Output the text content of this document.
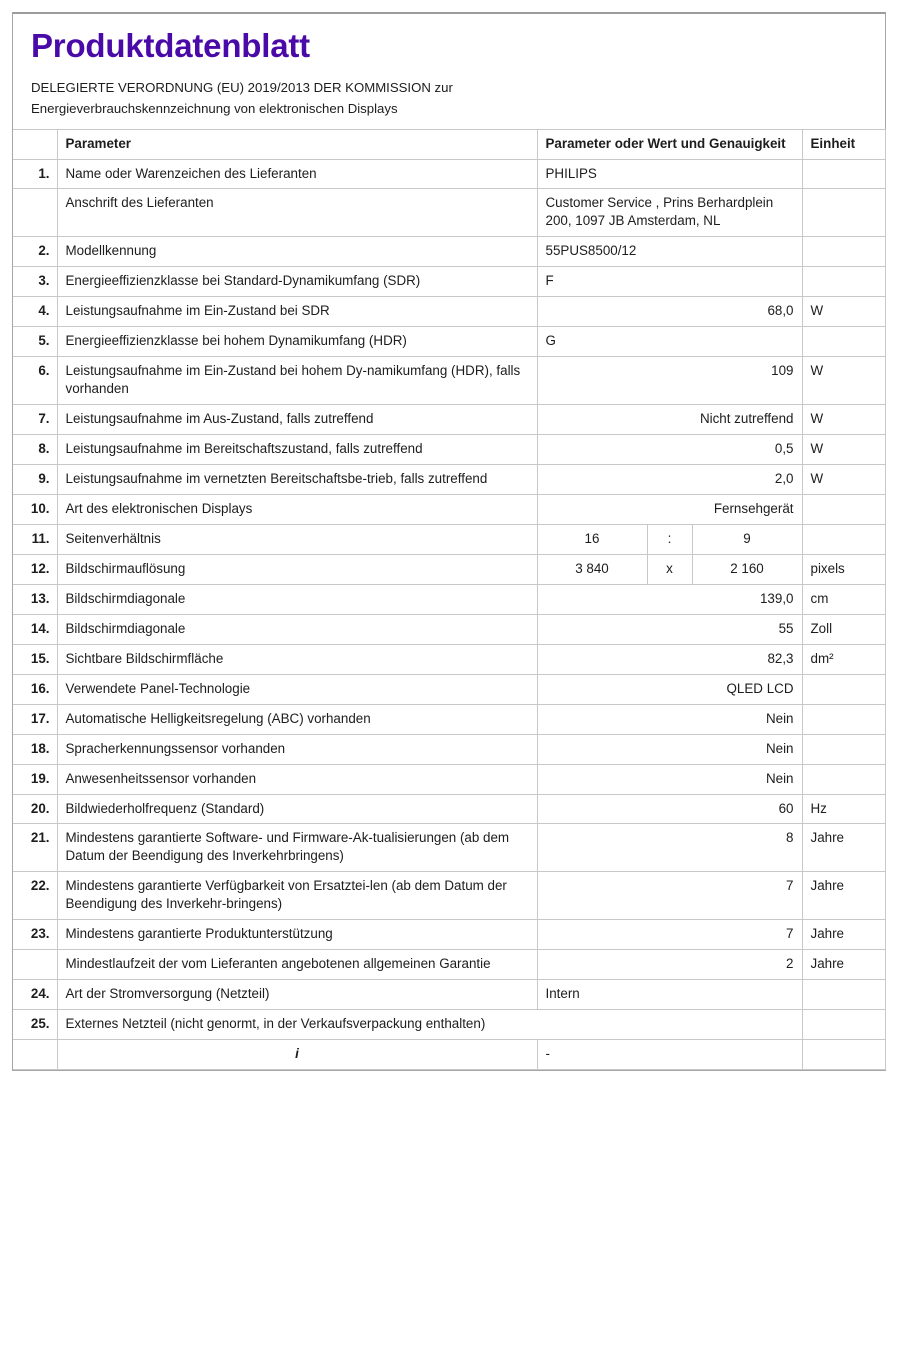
Produktdatenblatt
DELEGIERTE VERORDNUNG (EU) 2019/2013 DER KOMMISSION zur
Energieverbrauchskennzeichnung von elektronischen Displays
	Parameter	Parameter oder Wert und Genauigkeit			Einheit
1.	Name oder Warenzeichen des Lieferanten	PHILIPS			
	Anschrift des Lieferanten	Customer Service , Prins Berhardplein 200, 1097 JB Amsterdam, NL			
2.	Modellkennung	55PUS8500/12			
3.	Energieeffizienzklasse bei Standard-Dynamikumfang (SDR)	F			
4.	Leistungsaufnahme im Ein-Zustand bei SDR	68,0			W
5.	Energieeffizienzklasse bei hohem Dynamikumfang (HDR)	G			
6.	Leistungsaufnahme im Ein-Zustand bei hohem Dy-namikumfang (HDR), falls vorhanden	109			W
7.	Leistungsaufnahme im Aus-Zustand, falls zutreffend	Nicht zutreffend			W
8.	Leistungsaufnahme im Bereitschaftszustand, falls zutreffend	0,5			W
9.	Leistungsaufnahme im vernetzten Bereitschaftsbe-trieb, falls zutreffend	2,0			W
10.	Art des elektronischen Displays	Fernsehgerät			
11.	Seitenverhältnis	16	:	9	
12.	Bildschirmauflösung	3 840	x	2 160	pixels
13.	Bildschirmdiagonale	139,0			cm
14.	Bildschirmdiagonale	55			Zoll
15.	Sichtbare Bildschirmfläche	82,3			dm²
16.	Verwendete Panel-Technologie	QLED LCD			
17.	Automatische Helligkeitsregelung (ABC) vorhanden	Nein			
18.	Spracherkennungssensor vorhanden	Nein			
19.	Anwesenheitssensor vorhanden	Nein			
20.	Bildwiederholfrequenz (Standard)	60			Hz
21.	Mindestens garantierte Software- und Firmware-Ak-tualisierungen (ab dem Datum der Beendigung des Inverkehrbringens)	8			Jahre
22.	Mindestens garantierte Verfügbarkeit von Ersatztei-len (ab dem Datum der Beendigung des Inverkehr-bringens)	7			Jahre
23.	Mindestens garantierte Produktunterstützung	7			Jahre
	Mindestlaufzeit der vom Lieferanten angebotenen allgemeinen Garantie	2			Jahre
24.	Art der Stromversorgung (Netzteil)	Intern			
25.	Externes Netzteil (nicht genormt, in der Verkaufsverpackung enthalten)				
	i	-			
